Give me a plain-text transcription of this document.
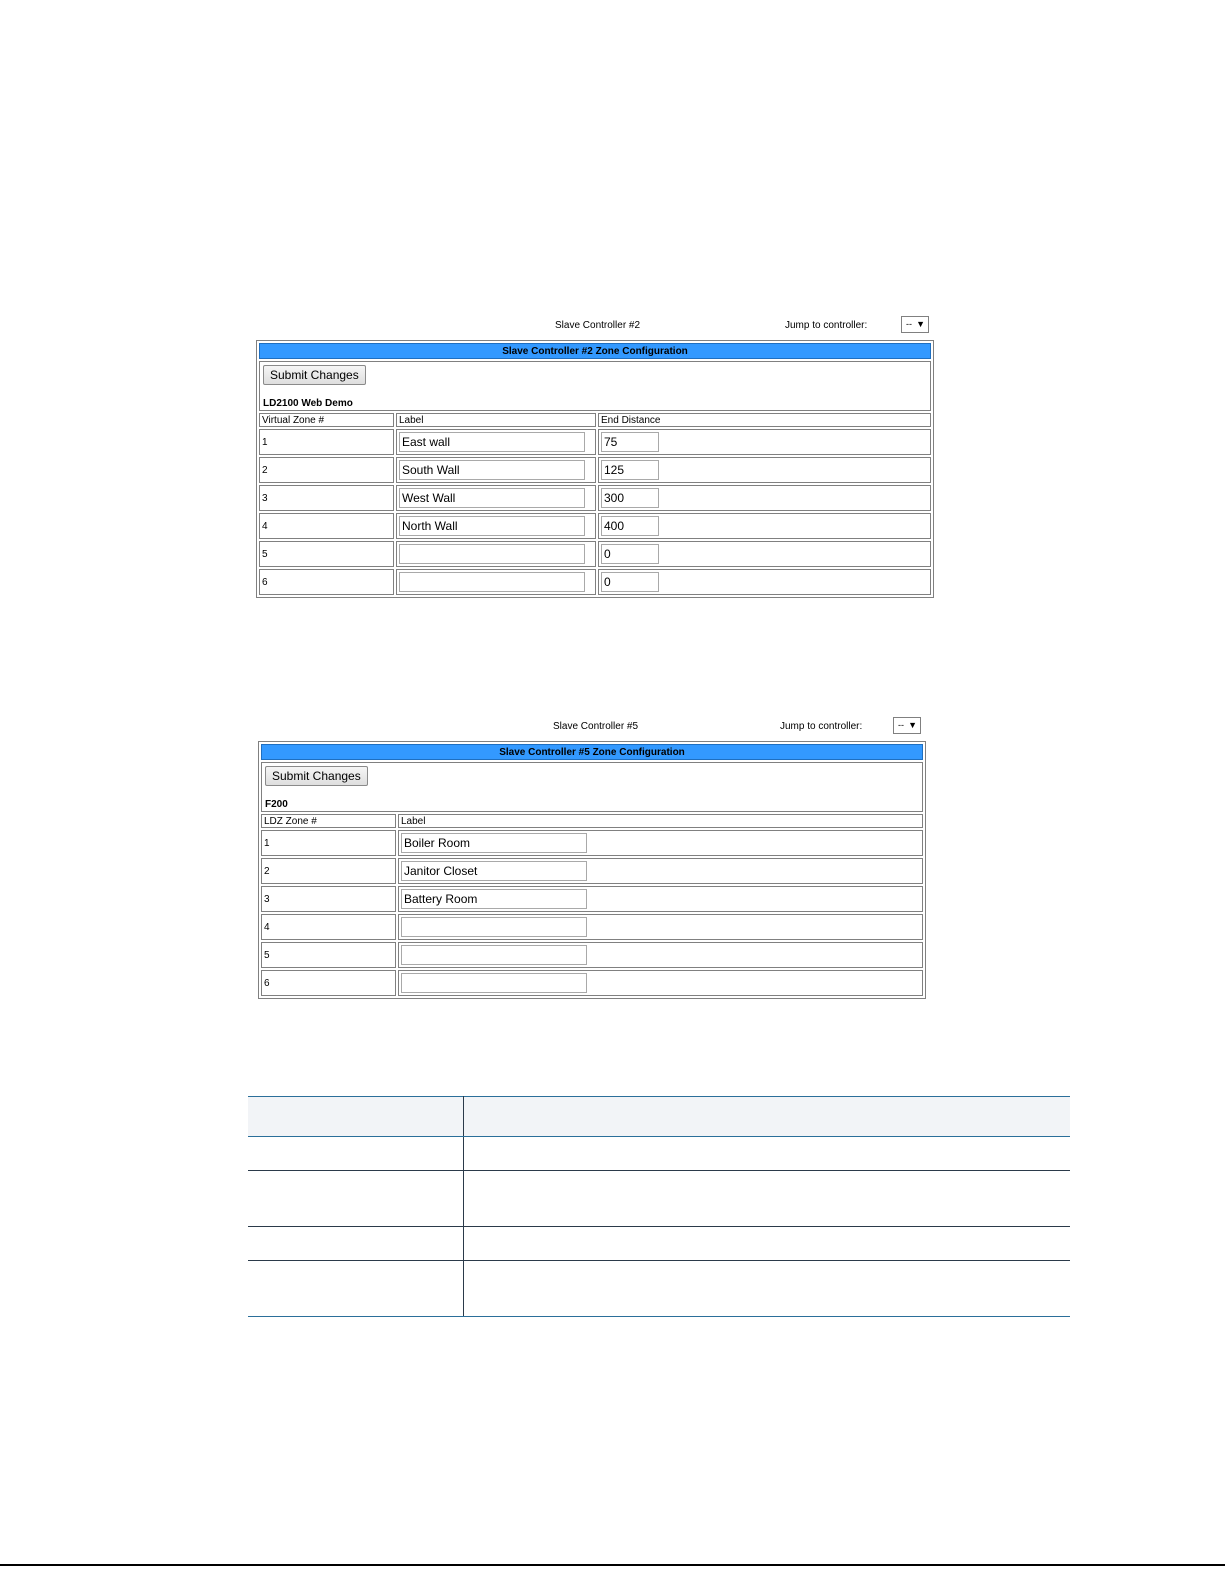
Slave Controller #2	Jump to controller:	-- ▼
Slave Controller #2 Zone Configuration		
Submit Changes
LD2100 Web Demo		

Virtual Zone #	Label	End Distance
1	East wall	75
2	South Wall	125
3	West Wall	300
4	North Wall	400
5		0
6		0
Slave Controller #5	Jump to controller:	-- ▼
Slave Controller #5 Zone Configuration	
Submit Changes
F200	

LDZ Zone #	Label
1	Boiler Room
2	Janitor Closet
3	Battery Room
4	
5	
6	
